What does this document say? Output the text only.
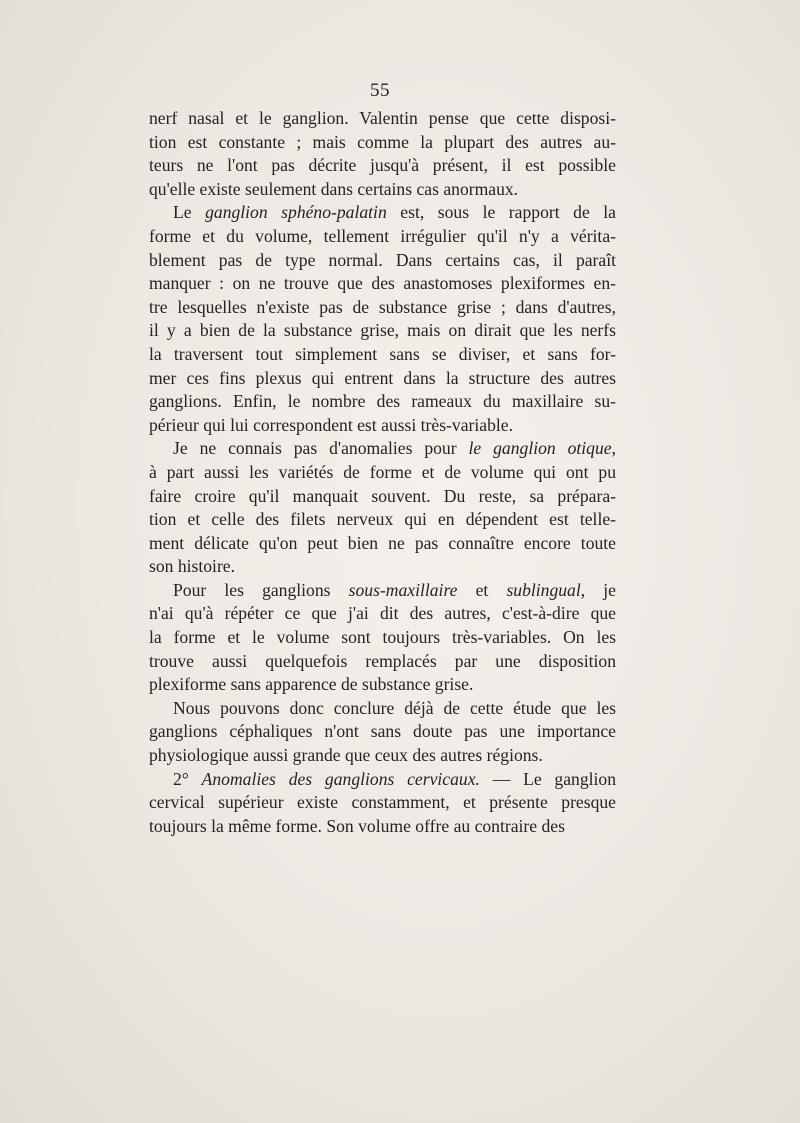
55
nerf nasal et le ganglion. Valentin pense que cette disposi-
tion est constante ; mais comme la plupart des autres au-
teurs ne l'ont pas décrite jusqu'à présent, il est possible
qu'elle existe seulement dans certains cas anormaux.
Le ganglion sphéno-palatin est, sous le rapport de la
forme et du volume, tellement irrégulier qu'il n'y a vérita-
blement pas de type normal. Dans certains cas, il paraît
manquer : on ne trouve que des anastomoses plexiformes en-
tre lesquelles n'existe pas de substance grise ; dans d'autres,
il y a bien de la substance grise, mais on dirait que les nerfs
la traversent tout simplement sans se diviser, et sans for-
mer ces fins plexus qui entrent dans la structure des autres
ganglions. Enfin, le nombre des rameaux du maxillaire su-
périeur qui lui correspondent est aussi très-variable.
Je ne connais pas d'anomalies pour le ganglion otique,
à part aussi les variétés de forme et de volume qui ont pu
faire croire qu'il manquait souvent. Du reste, sa prépara-
tion et celle des filets nerveux qui en dépendent est telle-
ment délicate qu'on peut bien ne pas connaître encore toute
son histoire.
Pour les ganglions sous-maxillaire et sublingual, je
n'ai qu'à répéter ce que j'ai dit des autres, c'est-à-dire que
la forme et le volume sont toujours très-variables. On les
trouve aussi quelquefois remplacés par une disposition
plexiforme sans apparence de substance grise.
Nous pouvons donc conclure déjà de cette étude que les
ganglions céphaliques n'ont sans doute pas une importance
physiologique aussi grande que ceux des autres régions.
2° Anomalies des ganglions cervicaux. — Le ganglion
cervical supérieur existe constamment, et présente presque
toujours la même forme. Son volume offre au contraire des
